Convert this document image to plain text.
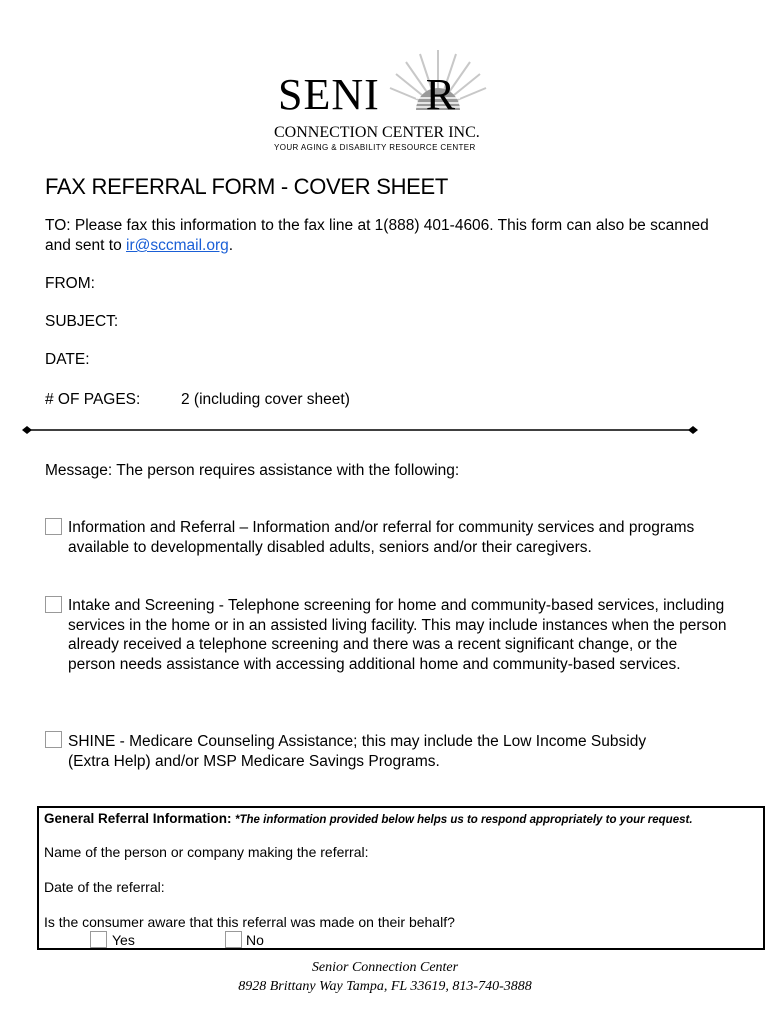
SENI R
CONNECTION CENTER INC.
YOUR AGING & DISABILITY RESOURCE CENTER
FAX REFERRAL FORM - COVER SHEET
TO: Please fax this information to the fax line at 1(888) 401-4606. This form can also be scanned and sent to ir@sccmail.org.
FROM:
SUBJECT:
DATE:
# OF PAGES:	2 (including cover sheet)
Message: The person requires assistance with the following:
Information and Referral – Information and/or referral for community services and programs available to developmentally disabled adults, seniors and/or their caregivers.
Intake and Screening - Telephone screening for home and community-based services, including services in the home or in an assisted living facility. This may include instances when the person already received a telephone screening and there was a recent significant change, or the person needs assistance with accessing additional home and community-based services.
SHINE - Medicare Counseling Assistance; this may include the Low Income Subsidy (Extra Help) and/or MSP Medicare Savings Programs.
General Referral Information: *The information provided below helps us to respond appropriately to your request.
Name of the person or company making the referral:
Date of the referral:
Is the consumer aware that this referral was made on their behalf?
Yes	No
Senior Connection Center
8928 Brittany Way Tampa, FL 33619, 813-740-3888
